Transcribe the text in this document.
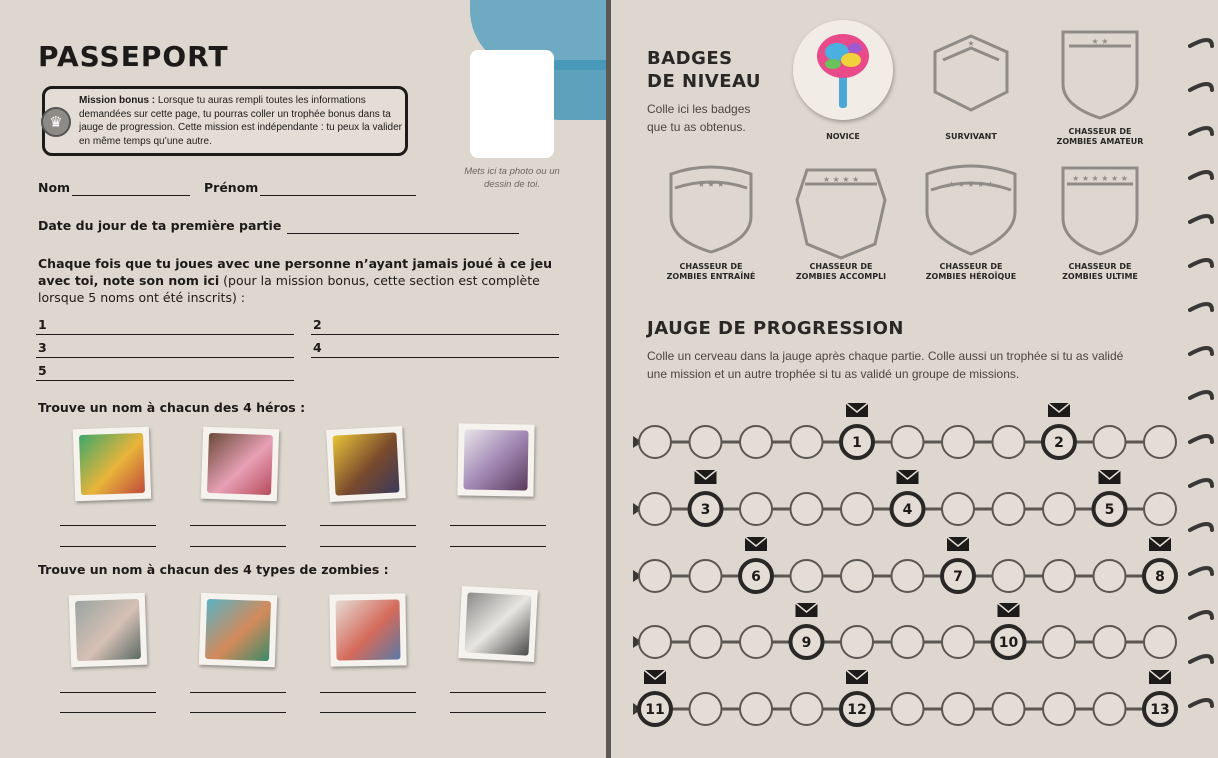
PASSEPORT
♛
Mission bonus : Lorsque tu auras rempli toutes les informations demandées sur cette page, tu pourras coller un trophée bonus dans ta jauge de progression. Cette mission est indépendante : tu peux la valider en même temps qu’une autre.
Mets ici ta photo ou un dessin de toi.
Nom	Prénom
Date du jour de ta première partie
Chaque fois que tu joues avec une personne n’ayant jamais joué à ce jeu avec toi, note son nom ici (pour la mission bonus, cette section est complète lorsque 5 noms ont été inscrits) :
1	2
3	4
5
Trouve un nom à chacun des 4 héros :
Trouve un nom à chacun des 4 types de zombies :
BADGES
DE NIVEAU
Colle ici les badges
que tu as obtenus.
★	★ ★
★ ★ ★
★ ★ ★ ★
★ ★ ★ ★ ★
★ ★ ★ ★ ★ ★
NOVICE	SURVIVANT
CHASSEUR DE
ZOMBIES AMATEUR
CHASSEUR DE
ZOMBIES ENTRAÎNÉ
CHASSEUR DE
ZOMBIES ACCOMPLI
CHASSEUR DE
ZOMBIES HÉROÏQUE
CHASSEUR DE
ZOMBIES ULTIME
JAUGE DE PROGRESSION
Colle un cerveau dans la jauge après chaque partie. Colle aussi un trophée si tu as validé
une mission et un autre trophée si tu as validé un groupe de missions.
1	2
3	4	5
6	7	8
9	10
11	12	13
